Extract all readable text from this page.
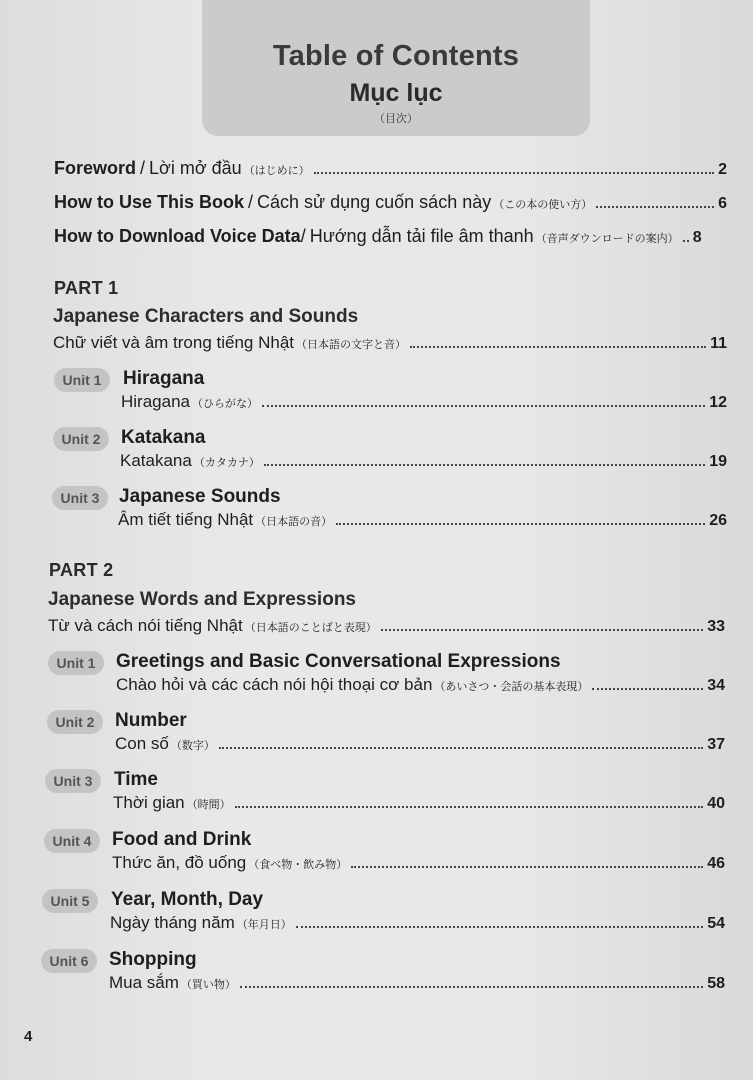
Table of Contents
Mục lục
（目次）
Foreword / Lời mở đầu （はじめに）	2
How to Use This Book / Cách sử dụng cuốn sách này （この本の使い方）	6
How to Download Voice Data / Hướng dẫn tải file âm thanh （音声ダウンロードの案内） 8
PART 1
Japanese Characters and Sounds
Chữ viết và âm trong tiếng Nhật （日本語の文字と音）	11
Unit 1	Hiragana
Hiragana （ひらがな）	12
Unit 2	Katakana
Katakana （カタカナ）	19
Unit 3	Japanese Sounds
Âm tiết tiếng Nhật （日本語の音）	26
PART 2
Japanese Words and Expressions
Từ và cách nói tiếng Nhật （日本語のことばと表現）	33
Unit 1	Greetings and Basic Conversational Expressions
Chào hỏi và các cách nói hội thoại cơ bản （あいさつ・会話の基本表現）	34
Unit 2	Number
Con số （数字）	37
Unit 3	Time
Thời gian （時間）	40
Unit 4	Food and Drink
Thức ăn, đồ uống （食べ物・飲み物）	46
Unit 5	Year, Month, Day
Ngày tháng năm （年月日）	54
Unit 6	Shopping
Mua sắm （買い物）	58
4
